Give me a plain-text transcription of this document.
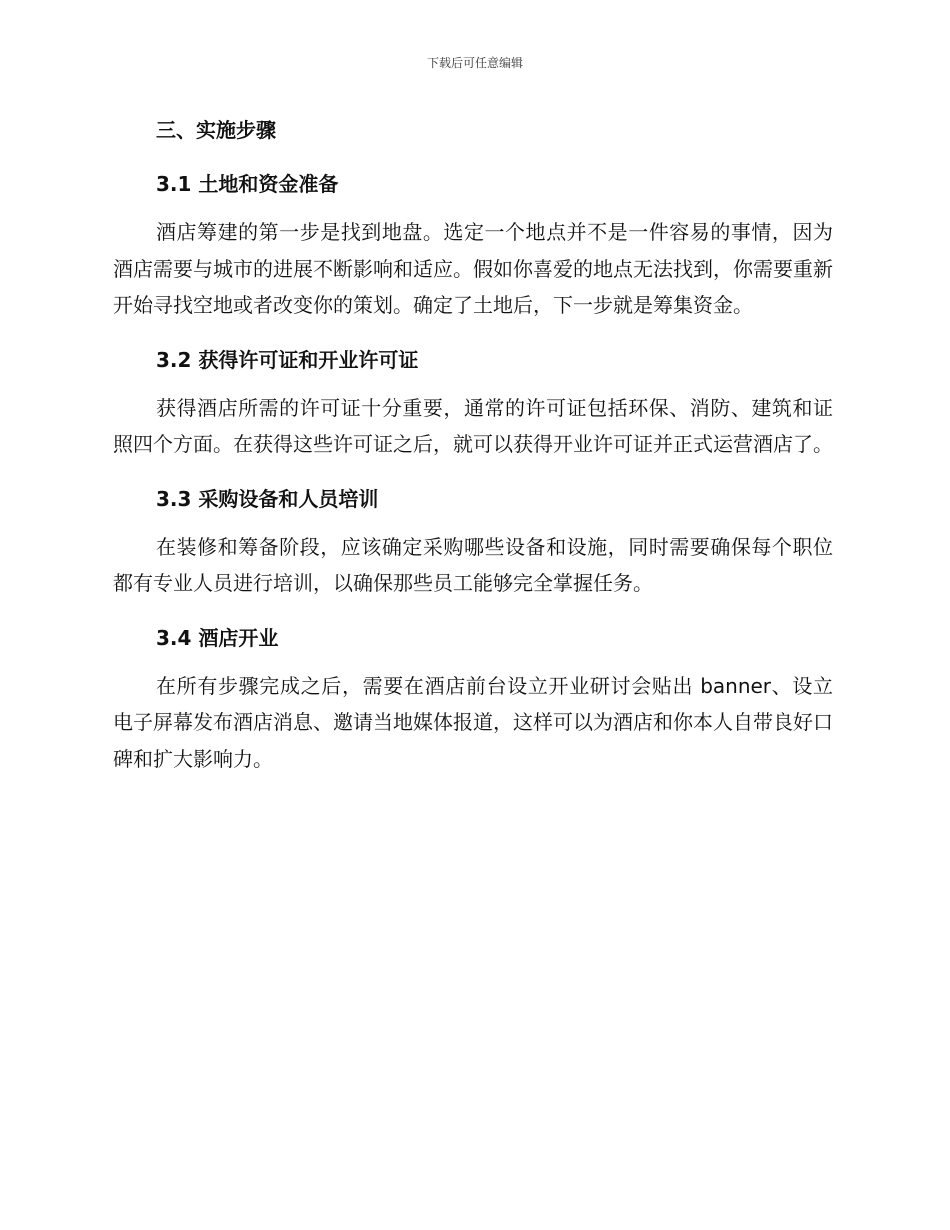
下载后可任意编辑
三、实施步骤
3.1 土地和资金准备

酒店筹建的第一步是找到地盘。选定一个地点并不是一件容易的事情，因为酒店需要与城市的进展不断影响和适应。假如你喜爱的地点无法找到，你需要重新开始寻找空地或者改变你的策划。确定了土地后，下一步就是筹集资金。

3.2 获得许可证和开业许可证

获得酒店所需的许可证十分重要，通常的许可证包括环保、消防、建筑和证照四个方面。在获得这些许可证之后，就可以获得开业许可证并正式运营酒店了。

3.3 采购设备和人员培训

在装修和筹备阶段，应该确定采购哪些设备和设施，同时需要确保每个职位都有专业人员进行培训，以确保那些员工能够完全掌握任务。

3.4 酒店开业

在所有步骤完成之后，需要在酒店前台设立开业研讨会贴出 banner、设立电子屏幕发布酒店消息、邀请当地媒体报道，这样可以为酒店和你本人自带良好口碑和扩大影响力。
